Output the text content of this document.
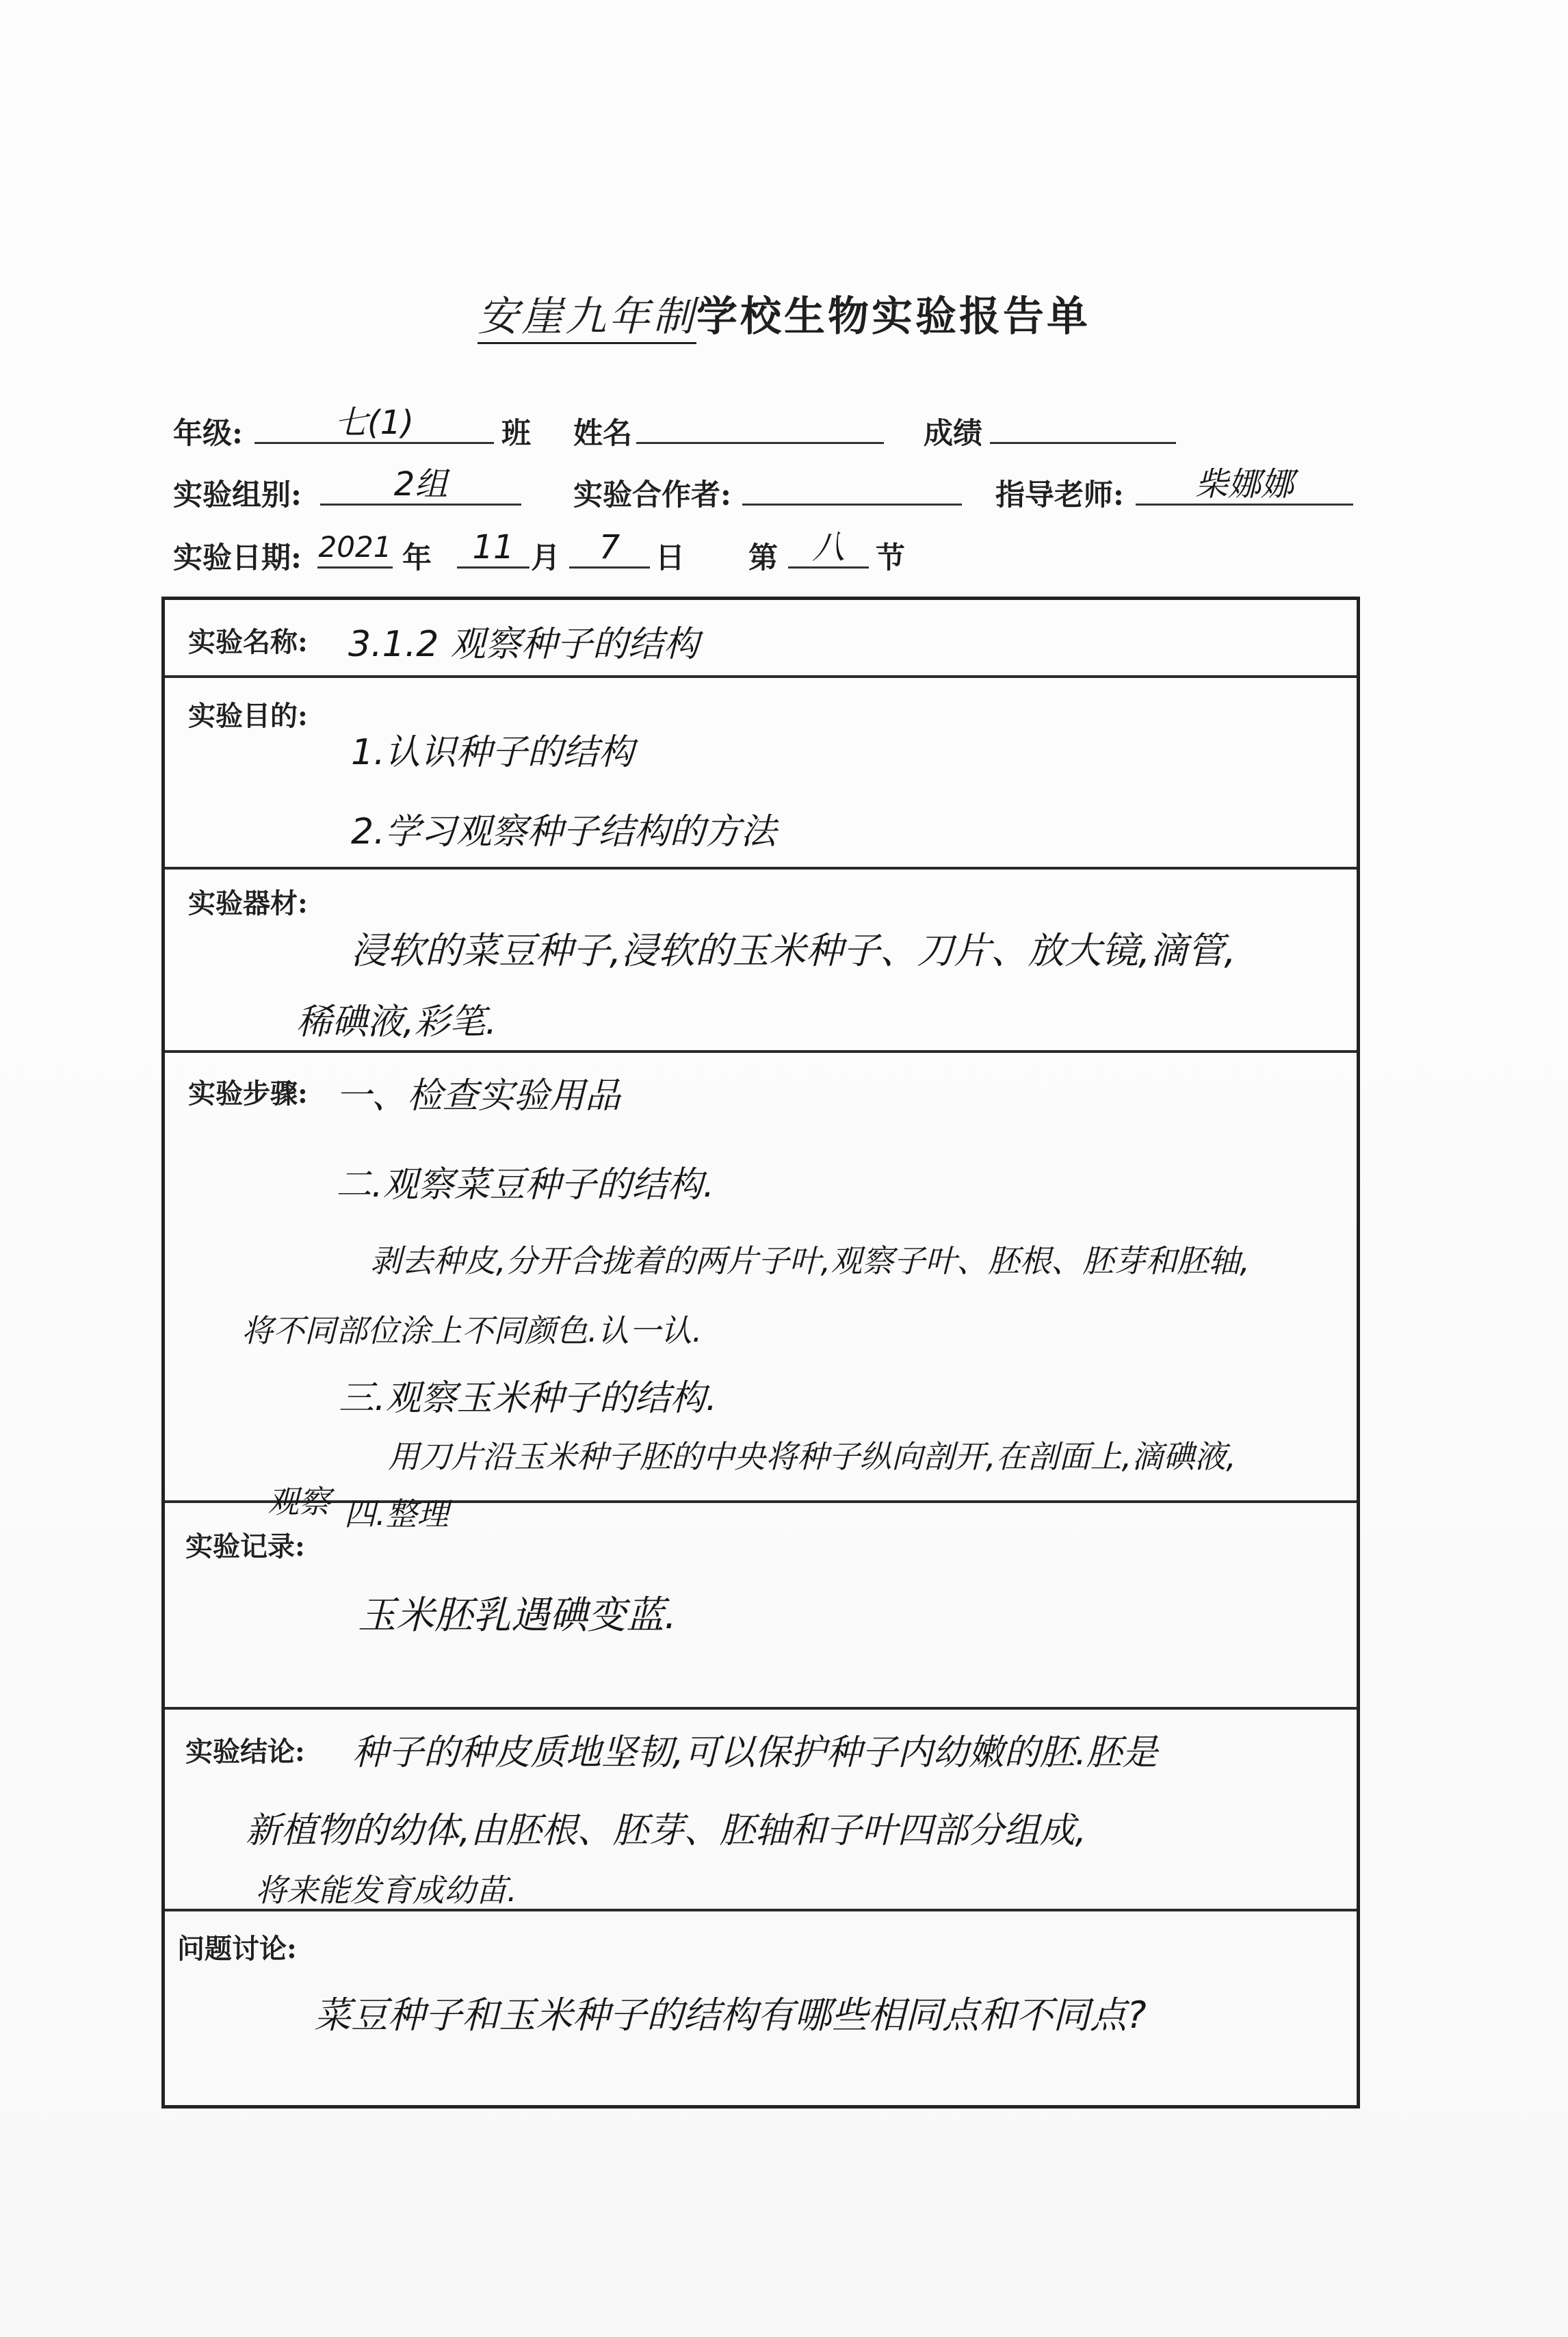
安崖九年制学校生物实验报告单
年级:	七(1)	班 姓名	成绩
实验组别:	2组	实验合作者:	指导老师:	柴娜娜
实验日期: 2021 年	11 月	7	日 第	八	节
实验名称: 3.1.2 观察种子的结构
实验目的:
1.认识种子的结构
2.学习观察种子结构的方法
实验器材:
浸软的菜豆种子,浸软的玉米种子、刀片、放大镜,滴管,
稀碘液,彩笔.
实验步骤: 一、检查实验用品
二.观察菜豆种子的结构.
剥去种皮,分开合拢着的两片子叶,观察子叶、胚根、胚芽和胚轴,
将不同部位涂上不同颜色.认一认.
三.观察玉米种子的结构.
用刀片沿玉米种子胚的中央将种子纵向剖开,在剖面上,滴碘液,
观察 四.整理
实验记录:
玉米胚乳遇碘变蓝.
实验结论: 种子的种皮质地坚韧,可以保护种子内幼嫩的胚.胚是
新植物的幼体,由胚根、胚芽、胚轴和子叶四部分组成,
将来能发育成幼苗.
问题讨论:
菜豆种子和玉米种子的结构有哪些相同点和不同点?
